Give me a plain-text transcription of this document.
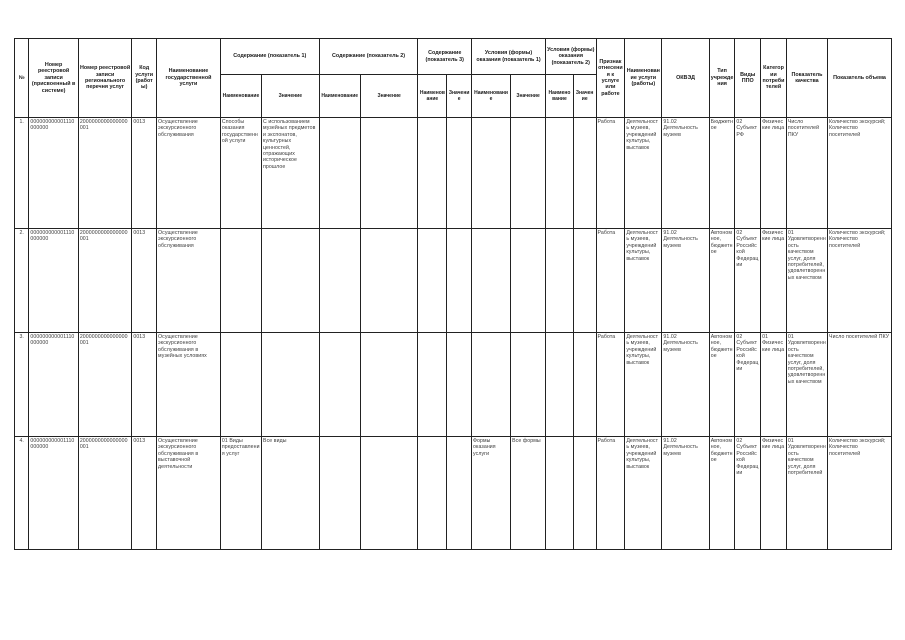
№	Номер реестровой записи (присвоенный в системе)	Номер реестровой записи регионального перечня услуг	Код услуги (работы)	Наименование государственной услуги	Содержание (показатель 1)		Содержание (показатель 2)		Содержание (показатель 3)		Условия (формы) оказания (показатель 1)		Условия (формы) оказания (показатель 2)		Признак отнесения к услуге или работе	Наименование услуги (работы)	ОКВЭД	Тип учреждения	Виды ППО	Категории потребителей	Показатель качества	Показатель объема
					Наименование	Значение	Наименование	Значение	Наименование	Значение	Наименование	Значение	Наименование	Значение								
1.	000000000001110000000	2000000000000000001	0013	Осуществление экскурсионного обслуживания	Способы оказания государственной услуги	С использованием музейных предметов и экспонатов, культурных ценностей, отражающих историческое прошлое									Работа	Деятельность музеев, учреждений культуры, выставок	91.02 Деятельность музеев	Бюджетное	02 Субъект РФ	Физические лица	Число посетителей ПКУ	Количество экскурсий; Количество посетителей
2.	000000000001110000000	2000000000000000001	0013	Осуществление экскурсионного обслуживания											Работа	Деятельность музеев, учреждений культуры, выставок	91.02 Деятельность музеев	Автономное, бюджетное	02 Субъект Российской Федерации	Физические лица	01 Удовлетворенность качеством услуг, доля потребителей, удовлетворенных качеством	Количество экскурсий; Количество посетителей
3.	000000000001110000000	2000000000000000001	0013	Осуществление экскурсионного обслуживания в музейных условиях											Работа	Деятельность музеев, учреждений культуры, выставок	91.02 Деятельность музеев	Автономное, бюджетное	02 Субъект Российской Федерации	01 Физические лица	01 Удовлетворенность качеством услуг, доля потребителей, удовлетворенных качеством	Число посетителей ПКУ
4.	000000000001110000000	2000000000000000001	0013	Осуществление экскурсионного обслуживания в выставочной деятельности	01 Виды предоставления услуг	Все виды					Формы оказания услуги	Все формы			Работа	Деятельность музеев, учреждений культуры, выставок	91.02 Деятельность музеев	Автономное, бюджетное	02 Субъект Российской Федерации	Физические лица	01 Удовлетворенность качеством услуг, доля потребителей	Количество экскурсий; Количество посетителей
